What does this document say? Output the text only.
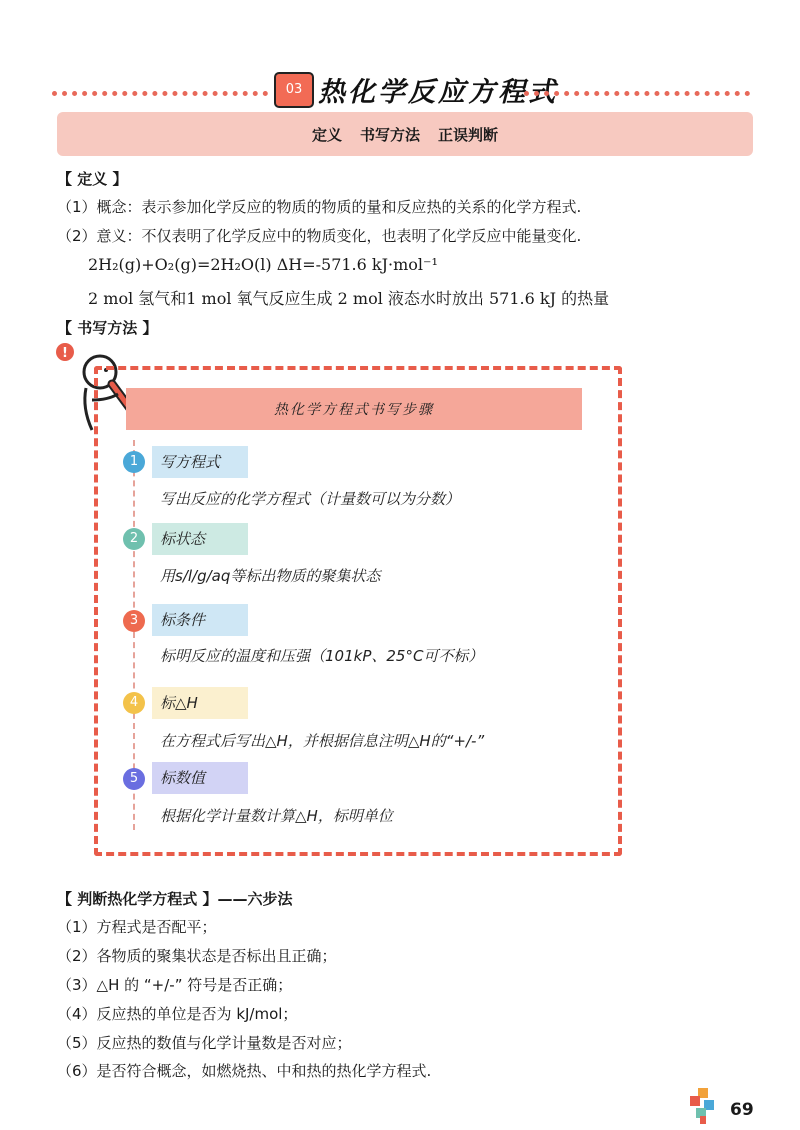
03 热化学反应方程式
定义 书写方法 正误判断
【 定义 】
（1）概念：表示参加化学反应的物质的物质的量和反应热的关系的化学方程式.
（2）意义：不仅表明了化学反应中的物质变化，也表明了化学反应中能量变化.
2H₂(g)+O₂(g)=2H₂O(l) ΔH=-571.6 kJ·mol⁻¹
2 mol 氢气和1 mol 氧气反应生成 2 mol 液态水时放出 571.6 kJ 的热量
【 书写方法 】
!
热化学方程式书写步骤
1	写方程式
写出反应的化学方程式（计量数可以为分数）
2	标状态
用s/l/g/aq等标出物质的聚集状态
3	标条件
标明反应的温度和压强（101kP、25°C可不标）
4	标△H
在方程式后写出△H，并根据信息注明△H的“+/-”
5	标数值
根据化学计量数计算△H，标明单位
【 判断热化学方程式 】——六步法
（1）方程式是否配平；
（2）各物质的聚集状态是否标出且正确；
（3）△H 的 “+/-” 符号是否正确；
（4）反应热的单位是否为 kJ/mol；
（5）反应热的数值与化学计量数是否对应；
（6）是否符合概念，如燃烧热、中和热的热化学方程式.
69
